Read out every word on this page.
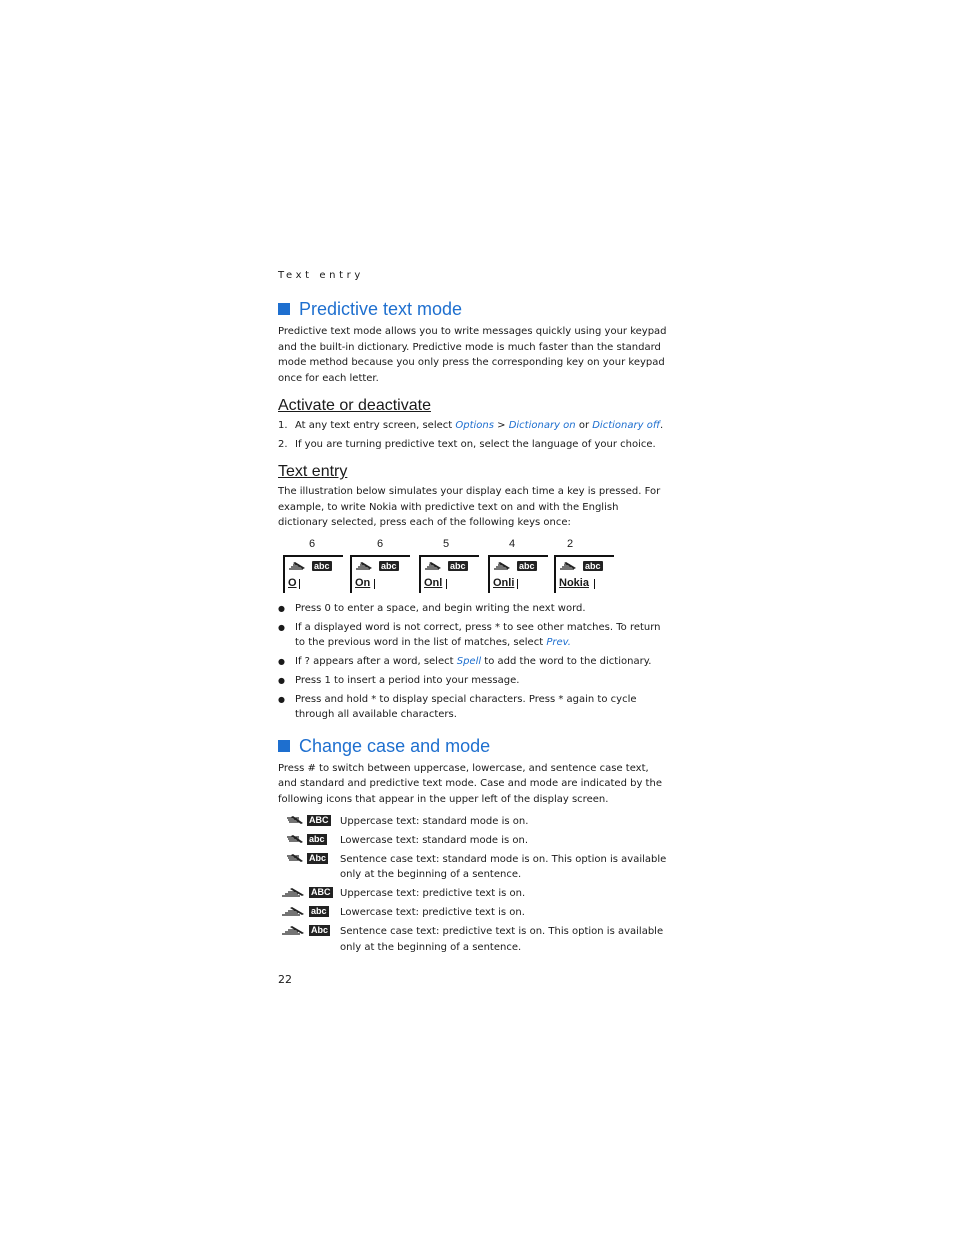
Text entry
Predictive text mode

Predictive text mode allows you to write messages quickly using your keypad and the built-in dictionary. Predictive mode is much faster than the standard mode method because you only press the corresponding key on your keypad once for each letter.

Activate or deactivate
1. At any text entry screen, select Options > Dictionary on or Dictionary off.
2. If you are turning predictive text on, select the language of your choice.
Text entry

The illustration below simulates your display each time a key is pressed. For example, to write Nokia with predictive text on and with the English dictionary selected, press each of the following keys once:

6	6	5	4	2
abc
O
abc
On
abc
Onl
abc
Onli
abc
Nokia
●	Press 0 to enter a space, and begin writing the next word.
●	If a displayed word is not correct, press * to see other matches. To return to the previous word in the list of matches, select Prev.
●	If ? appears after a word, select Spell to add the word to the dictionary.
●	Press 1 to insert a period into your message.
●	Press and hold * to display special characters. Press * again to cycle through all available characters.
Change case and mode

Press # to switch between uppercase, lowercase, and sentence case text, and standard and predictive text mode. Case and mode are indicated by the following icons that appear in the upper left of the display screen.

ABC Uppercase text: standard mode is on.
abc Lowercase text: standard mode is on.
Abc Sentence case text: standard mode is on. This option is available only at the beginning of a sentence.
ABC Uppercase text: predictive text is on.
abc Lowercase text: predictive text is on.
Abc Sentence case text: predictive text is on. This option is available only at the beginning of a sentence.
22
